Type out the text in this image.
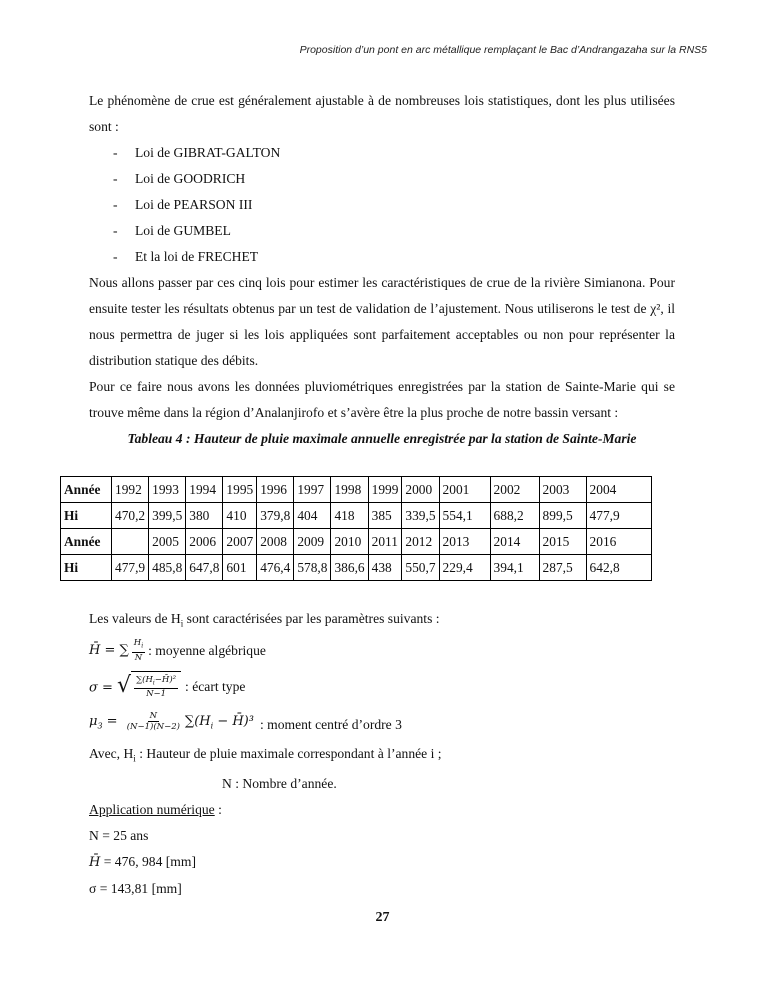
Proposition d’un pont en arc métallique remplaçant le Bac d’Andrangazaha sur la RNS5

Le phénomène de crue est généralement ajustable à de nombreuses lois statistiques, dont les plus utilisées sont :

- Loi de GIBRAT-GALTON
- Loi de GOODRICH
- Loi de PEARSON III
- Loi de GUMBEL
- Et la loi de FRECHET

Nous allons passer par ces cinq lois pour estimer les caractéristiques de crue de la rivière Simianona. Pour ensuite tester les résultats obtenus par un test de validation de l’ajustement. Nous utiliserons le test de χ², il nous permettra de juger si les lois appliquées sont parfaitement acceptables ou non pour représenter la distribution statique des débits.

Pour ce faire nous avons les données pluviométriques enregistrées par la station de Sainte-Marie qui se trouve même dans la région d’Analanjirofo et s’avère être la plus proche de notre bassin versant :

Tableau 4 : Hauteur de pluie maximale annuelle enregistrée par la station de Sainte-Marie

Année	1992	1993	1994	1995	1996	1997	1998	1999	2000	2001	2002	2003	2004
Hi	470,2	399,5	380	410	379,8	404	418	385	339,5	554,1	688,2	899,5	477,9
Année		2005	2006	2007	2008	2009	2010	2011	2012	2013	2014	2015	2016
Hi	477,9	485,8	647,8	601	476,4	578,8	386,6	438	550,7	229,4	394,1	287,5	642,8

Les valeurs de $H_i$ sont caractérisées par les paramètres suivants :

H̄ = ∑ $\frac{H_i}{N}$ : moyenne algébrique
σ = √ $\frac{\sum(H_i-H̄)^2}{N-1}$ : écart type
$\mu_3 = \frac{N}{(N-1)(N-2)} \sum(H_i$ − H̄)³ : moment centré d’ordre 3

Avec, $H_i$ : Hauteur de pluie maximale correspondant à l’année i ;

N : Nombre d’année.

Application numérique :

N = 25 ans

H̄ = 476, 984 [mm]

σ = 143,81 [mm]

27
